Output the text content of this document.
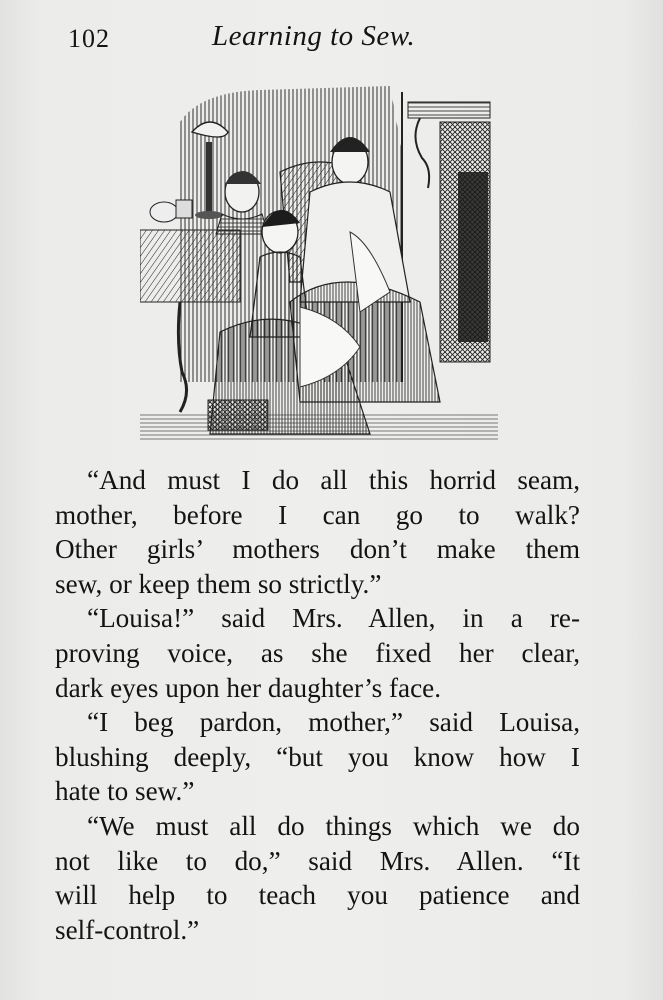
102	Learning to Sew.

“And must I do all this horrid seam,
mother, before I can go to walk?
Other girls’ mothers don’t make them
sew, or keep them so strictly.”

“Louisa!” said Mrs. Allen, in a re-
proving voice, as she fixed her clear,
dark eyes upon her daughter’s face.

“I beg pardon, mother,” said Louisa,
blushing deeply, “but you know how I
hate to sew.”

“We must all do things which we do
not like to do,” said Mrs. Allen. “It
will help to teach you patience and
self-control.”
